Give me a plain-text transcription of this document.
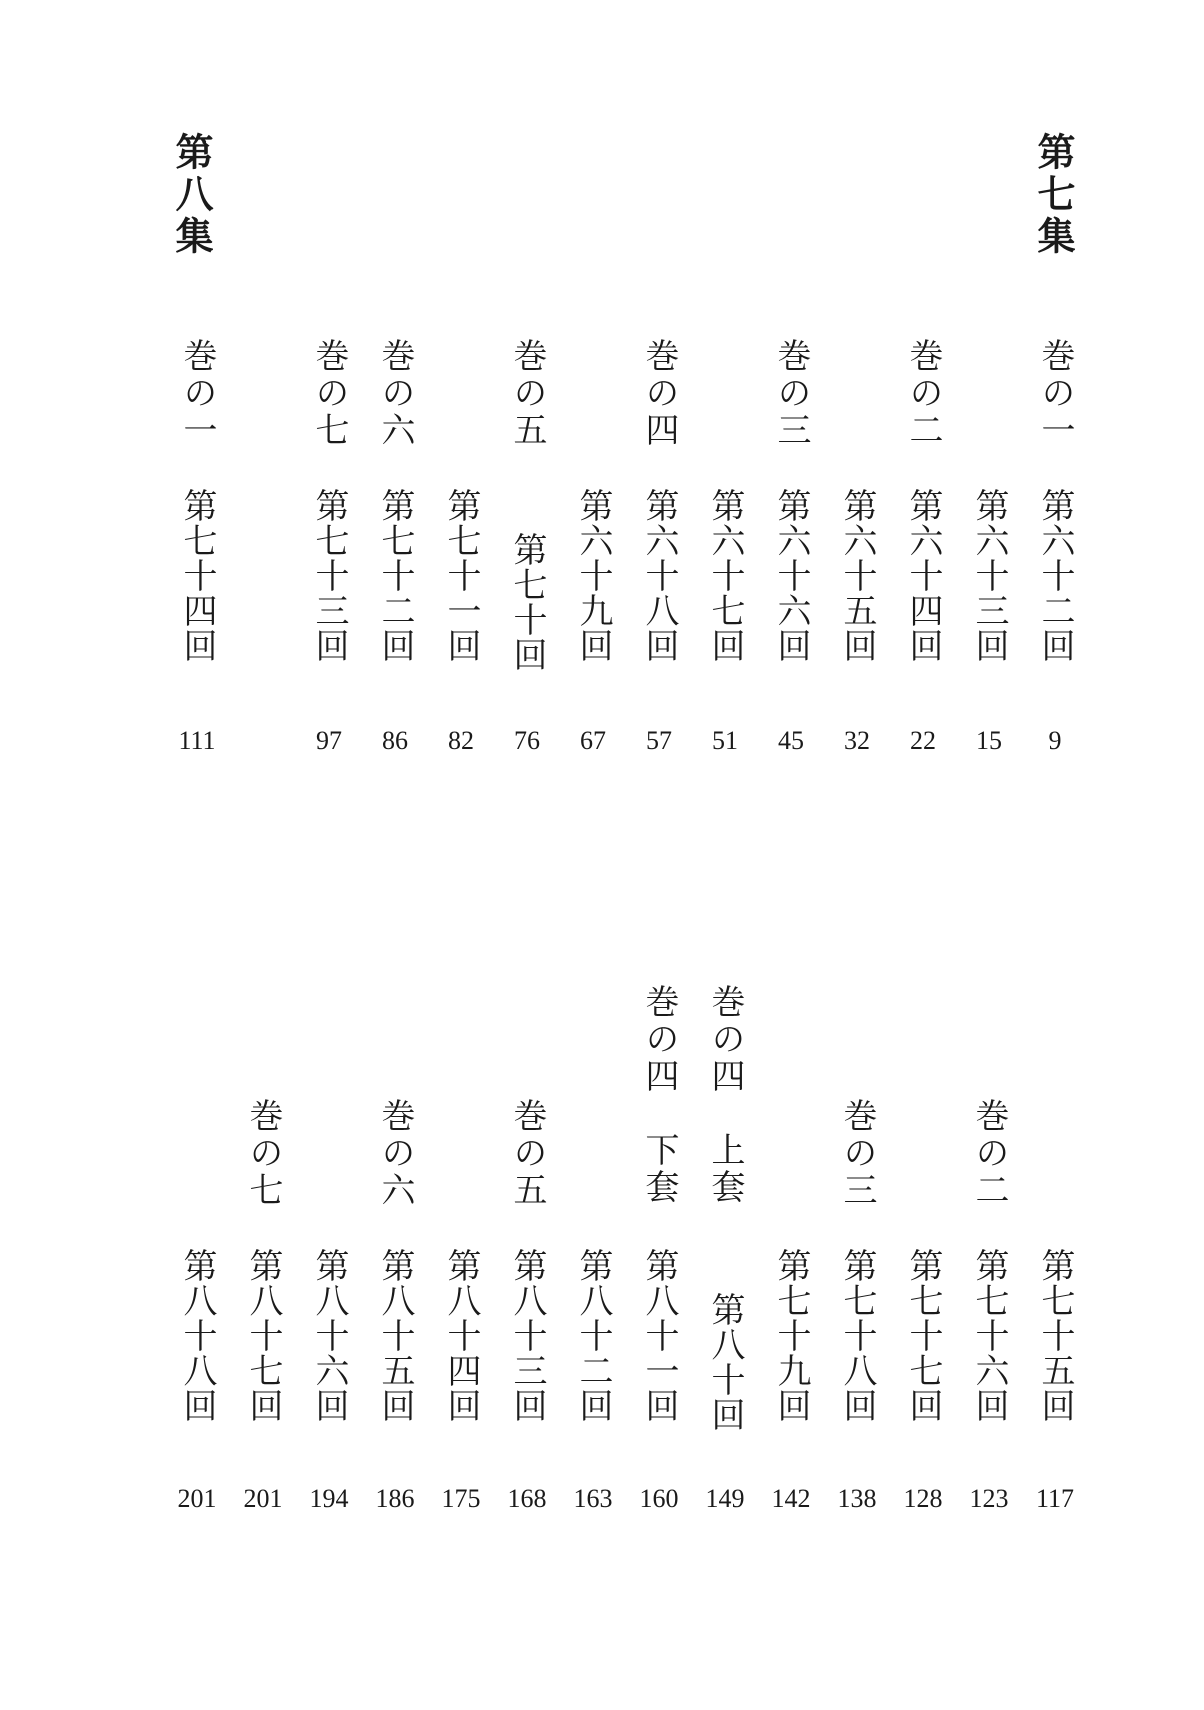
第七集
第八集
巻の一
巻の二
巻の三
巻の四
巻の五
巻の六
巻の七
巻の一
第六十二回
第六十三回
第六十四回
第六十五回
第六十六回
第六十七回
第六十八回
第六十九回
第七十回
第七十一回
第七十二回
第七十三回
第七十四回
9
15
22
32
45
51
57
67
76
82
86
97
111
巻の二
巻の三
巻の四　上套
巻の四　下套
巻の五
巻の六
巻の七
第七十五回
第七十六回
第七十七回
第七十八回
第七十九回
第八十回
第八十一回
第八十二回
第八十三回
第八十四回
第八十五回
第八十六回
第八十七回
第八十八回
117
123
128
138
142
149
160
163
168
175
186
194
201
201
